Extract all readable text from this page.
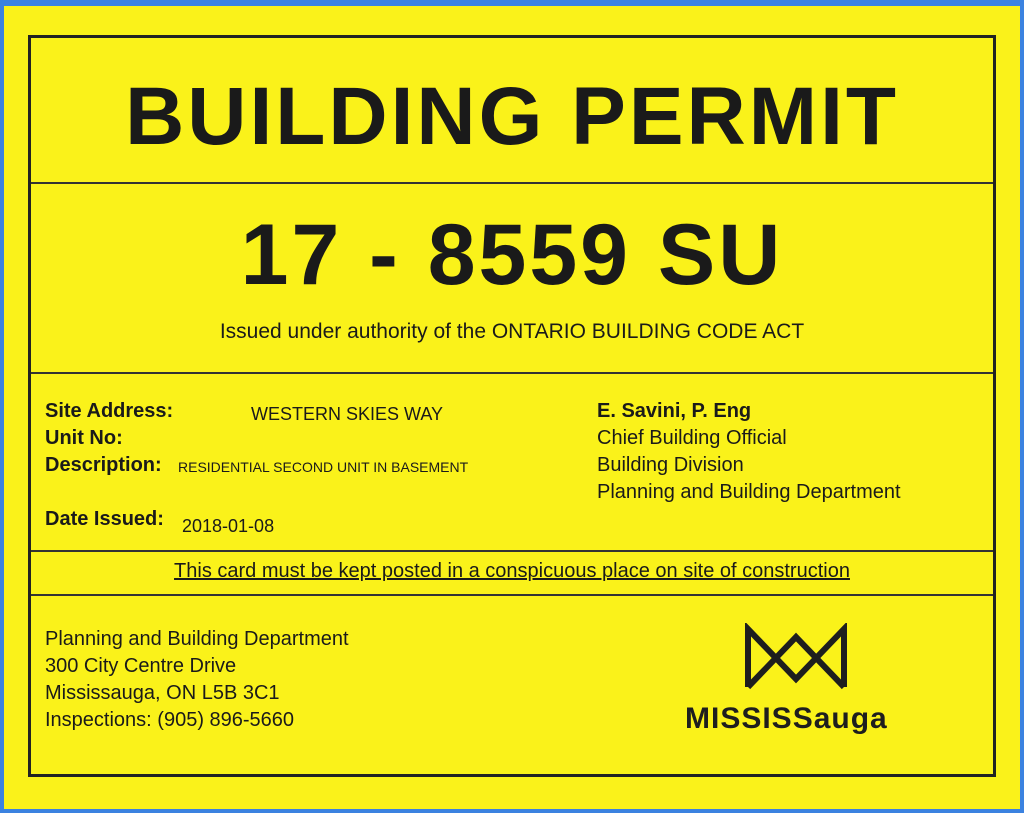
BUILDING PERMIT
17 - 8559 SU
Issued under authority of the ONTARIO BUILDING CODE ACT
Site Address:	WESTERN SKIES WAY
Unit No:
Description: RESIDENTIAL SECOND UNIT IN BASEMENT
Date Issued: 2018-01-08
E. Savini, P. Eng
Chief Building Official
Building Division
Planning and Building Department
This card must be kept posted in a conspicuous place on site of construction
Planning and Building Department
300 City Centre Drive
Mississauga, ON L5B 3C1
Inspections: (905) 896-5660	MISSISSauga
